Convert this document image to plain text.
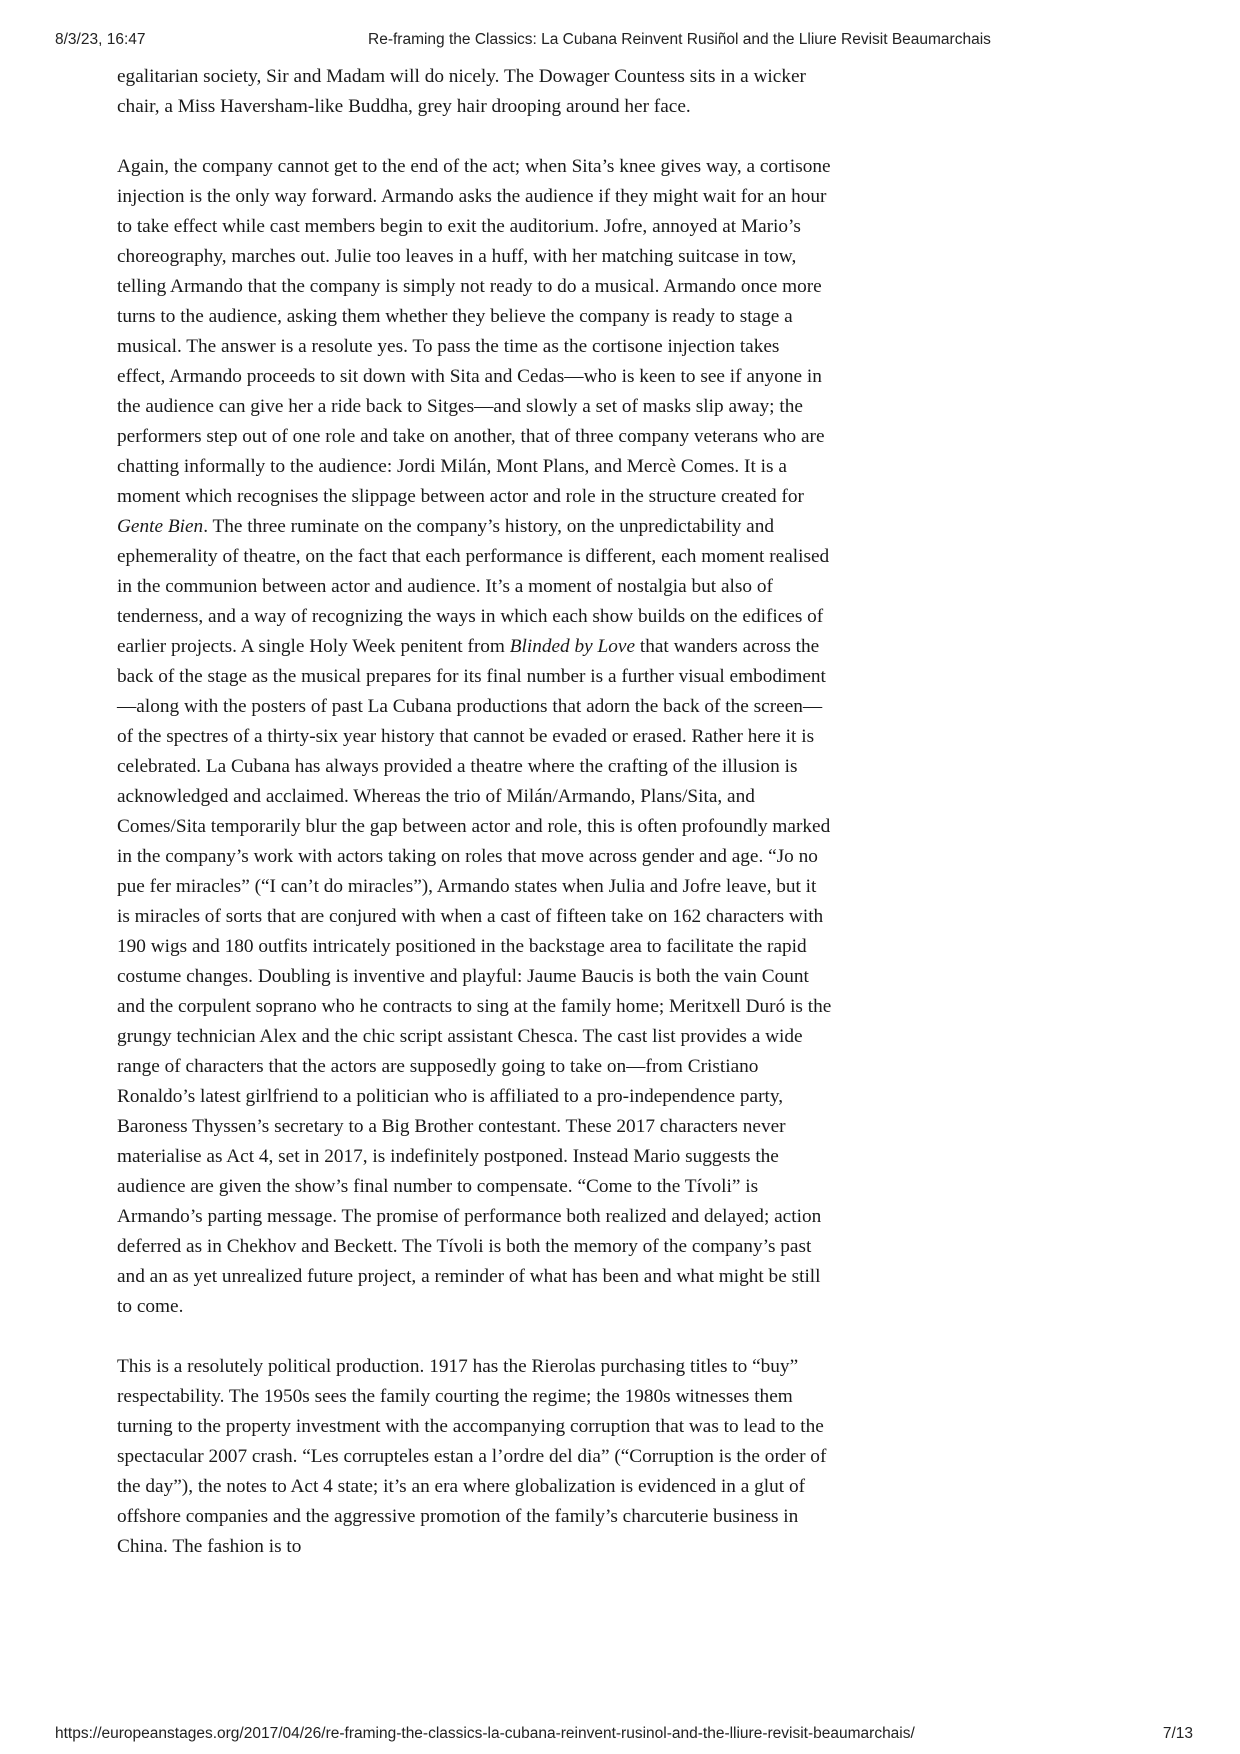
8/3/23, 16:47	Re-framing the Classics: La Cubana Reinvent Rusiñol and the Lliure Revisit Beaumarchais

egalitarian society, Sir and Madam will do nicely. The Dowager Countess sits in a wicker chair, a Miss Haversham-like Buddha, grey hair drooping around her face.

Again, the company cannot get to the end of the act; when Sita’s knee gives way, a cortisone injection is the only way forward. Armando asks the audience if they might wait for an hour to take effect while cast members begin to exit the auditorium. Jofre, annoyed at Mario’s choreography, marches out. Julie too leaves in a huff, with her matching suitcase in tow, telling Armando that the company is simply not ready to do a musical. Armando once more turns to the audience, asking them whether they believe the company is ready to stage a musical. The answer is a resolute yes. To pass the time as the cortisone injection takes effect, Armando proceeds to sit down with Sita and Cedas—who is keen to see if anyone in the audience can give her a ride back to Sitges—and slowly a set of masks slip away; the performers step out of one role and take on another, that of three company veterans who are chatting informally to the audience: Jordi Milán, Mont Plans, and Mercè Comes. It is a moment which recognises the slippage between actor and role in the structure created for Gente Bien. The three ruminate on the company’s history, on the unpredictability and ephemerality of theatre, on the fact that each performance is different, each moment realised in the communion between actor and audience. It’s a moment of nostalgia but also of tenderness, and a way of recognizing the ways in which each show builds on the edifices of earlier projects. A single Holy Week penitent from Blinded by Love that wanders across the back of the stage as the musical prepares for its final number is a further visual embodiment—along with the posters of past La Cubana productions that adorn the back of the screen—of the spectres of a thirty-six year history that cannot be evaded or erased. Rather here it is celebrated. La Cubana has always provided a theatre where the crafting of the illusion is acknowledged and acclaimed. Whereas the trio of Milán/Armando, Plans/Sita, and Comes/Sita temporarily blur the gap between actor and role, this is often profoundly marked in the company’s work with actors taking on roles that move across gender and age. “Jo no pue fer miracles” (“I can’t do miracles”), Armando states when Julia and Jofre leave, but it is miracles of sorts that are conjured with when a cast of fifteen take on 162 characters with 190 wigs and 180 outfits intricately positioned in the backstage area to facilitate the rapid costume changes. Doubling is inventive and playful: Jaume Baucis is both the vain Count and the corpulent soprano who he contracts to sing at the family home; Meritxell Duró is the grungy technician Alex and the chic script assistant Chesca. The cast list provides a wide range of characters that the actors are supposedly going to take on—from Cristiano Ronaldo’s latest girlfriend to a politician who is affiliated to a pro-independence party, Baroness Thyssen’s secretary to a Big Brother contestant. These 2017 characters never materialise as Act 4, set in 2017, is indefinitely postponed. Instead Mario suggests the audience are given the show’s final number to compensate. “Come to the Tívoli” is Armando’s parting message. The promise of performance both realized and delayed; action deferred as in Chekhov and Beckett. The Tívoli is both the memory of the company’s past and an as yet unrealized future project, a reminder of what has been and what might be still to come.

This is a resolutely political production. 1917 has the Rierolas purchasing titles to “buy” respectability. The 1950s sees the family courting the regime; the 1980s witnesses them turning to the property investment with the accompanying corruption that was to lead to the spectacular 2007 crash. “Les corrupteles estan a l’ordre del dia” (“Corruption is the order of the day”), the notes to Act 4 state; it’s an era where globalization is evidenced in a glut of offshore companies and the aggressive promotion of the family’s charcuterie business in China. The fashion is to

https://europeanstages.org/2017/04/26/re-framing-the-classics-la-cubana-reinvent-rusinol-and-the-lliure-revisit-beaumarchais/	7/13
